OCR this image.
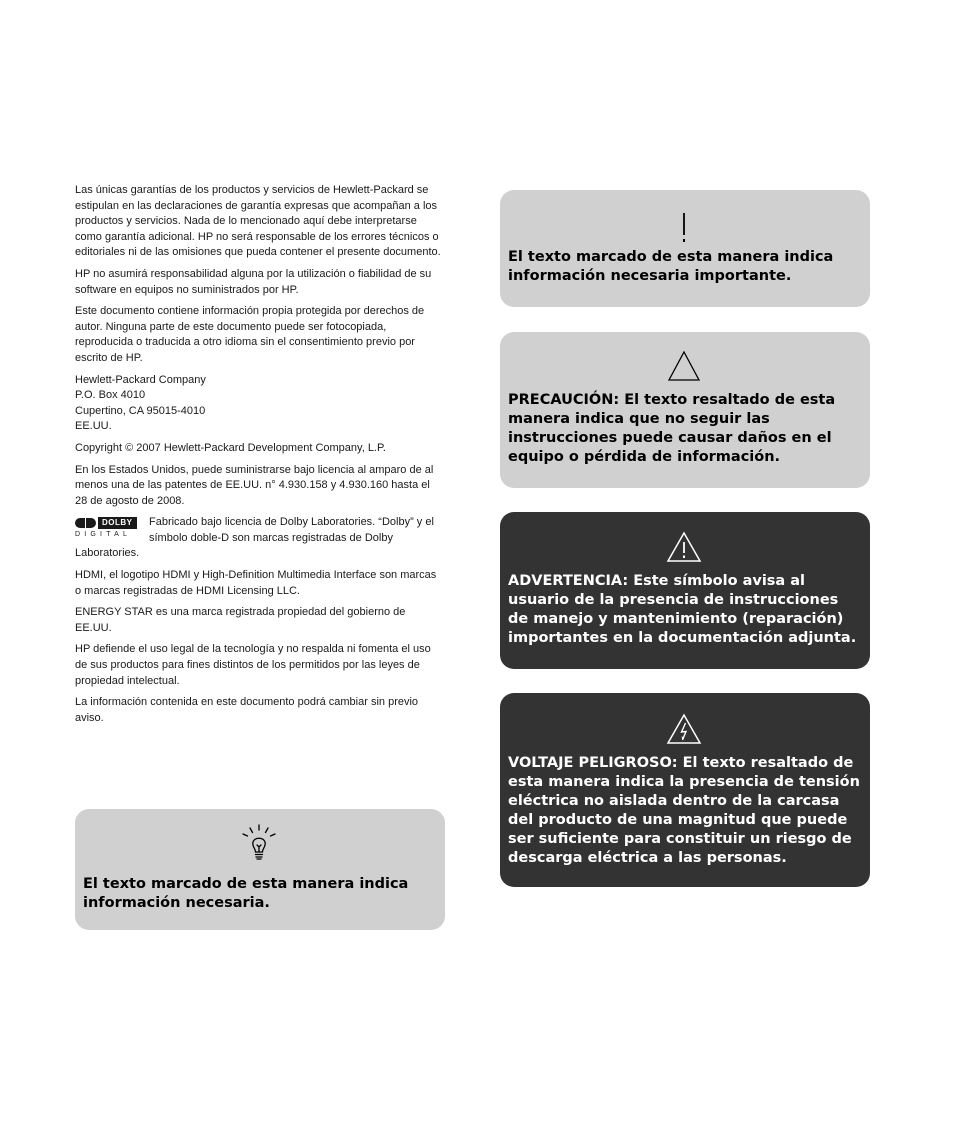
Las únicas garantías de los productos y servicios de Hewlett-Packard se estipulan en las declaraciones de garantía expresas que acompañan a los productos y servicios. Nada de lo mencionado aquí debe interpretarse como garantía adicional. HP no será responsable de los errores técnicos o editoriales ni de las omisiones que pueda contener el presente documento.

HP no asumirá responsabilidad alguna por la utilización o fiabilidad de su software en equipos no suministrados por HP.

Este documento contiene información propia protegida por derechos de autor. Ninguna parte de este documento puede ser fotocopiada, reproducida o traducida a otro idioma sin el consentimiento previo por escrito de HP.

Hewlett-Packard Company
P.O. Box 4010
Cupertino, CA 95015-4010
EE.UU.

Copyright © 2007 Hewlett-Packard Development Company, L.P.

En los Estados Unidos, puede suministrarse bajo licencia al amparo de al menos una de las patentes de EE.UU. n° 4.930.158 y 4.930.160 hasta el 28 de agosto de 2008.

DOLBY
DIGITAL
Fabricado bajo licencia de Dolby Laboratories. “Dolby” y el símbolo doble-D son marcas registradas de Dolby Laboratories.

HDMI, el logotipo HDMI y High-Definition Multimedia Interface son marcas o marcas registradas de HDMI Licensing LLC.

ENERGY STAR es una marca registrada propiedad del gobierno de EE.UU.

HP defiende el uso legal de la tecnología y no respalda ni fomenta el uso de sus productos para fines distintos de los permitidos por las leyes de propiedad intelectual.

La información contenida en este documento podrá cambiar sin previo aviso.

El texto marcado de esta manera indica información necesaria.

El texto marcado de esta manera indica información necesaria importante.

PRECAUCIÓN: El texto resaltado de esta manera indica que no seguir las instrucciones puede causar daños en el equipo o pérdida de información.

ADVERTENCIA: Este símbolo avisa al usuario de la presencia de instrucciones de manejo y mantenimiento (reparación) importantes en la documentación adjunta.

VOLTAJE PELIGROSO: El texto resaltado de esta manera indica la presencia de tensión eléctrica no aislada dentro de la carcasa del producto de una magnitud que puede ser suficiente para constituir un riesgo de descarga eléctrica a las personas.
